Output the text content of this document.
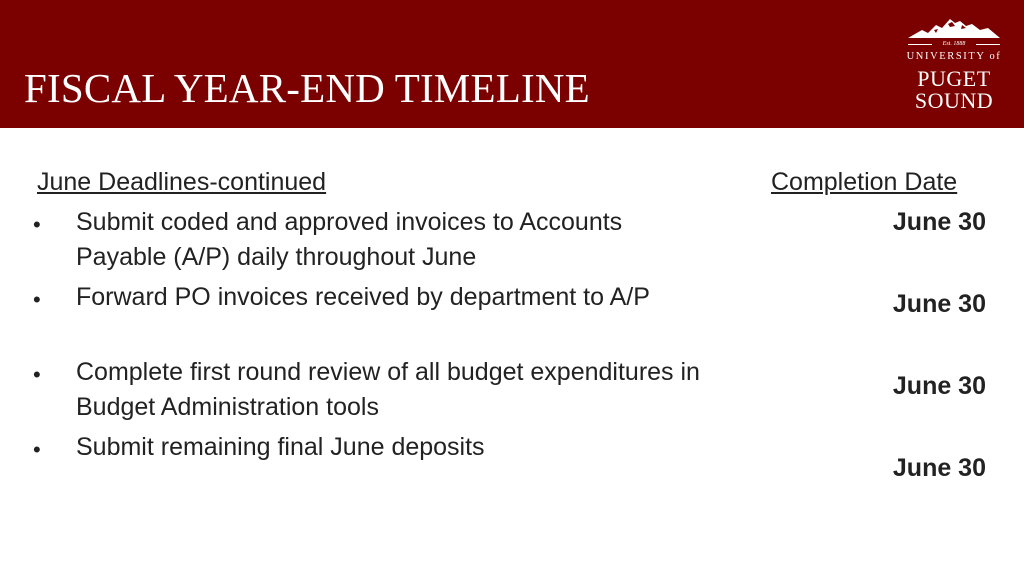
FISCAL YEAR-END TIMELINE
Est. 1888
UNIVERSITY of
PUGET
SOUND
June Deadlines-continued	Completion Date
• Submit coded and approved invoices to Accounts Payable (A/P) daily throughout June
June 30
• Forward PO invoices received by department to A/P	June 30
• Complete first round review of all budget expenditures in Budget Administration tools
June 30
• Submit remaining final June deposits
June 30
